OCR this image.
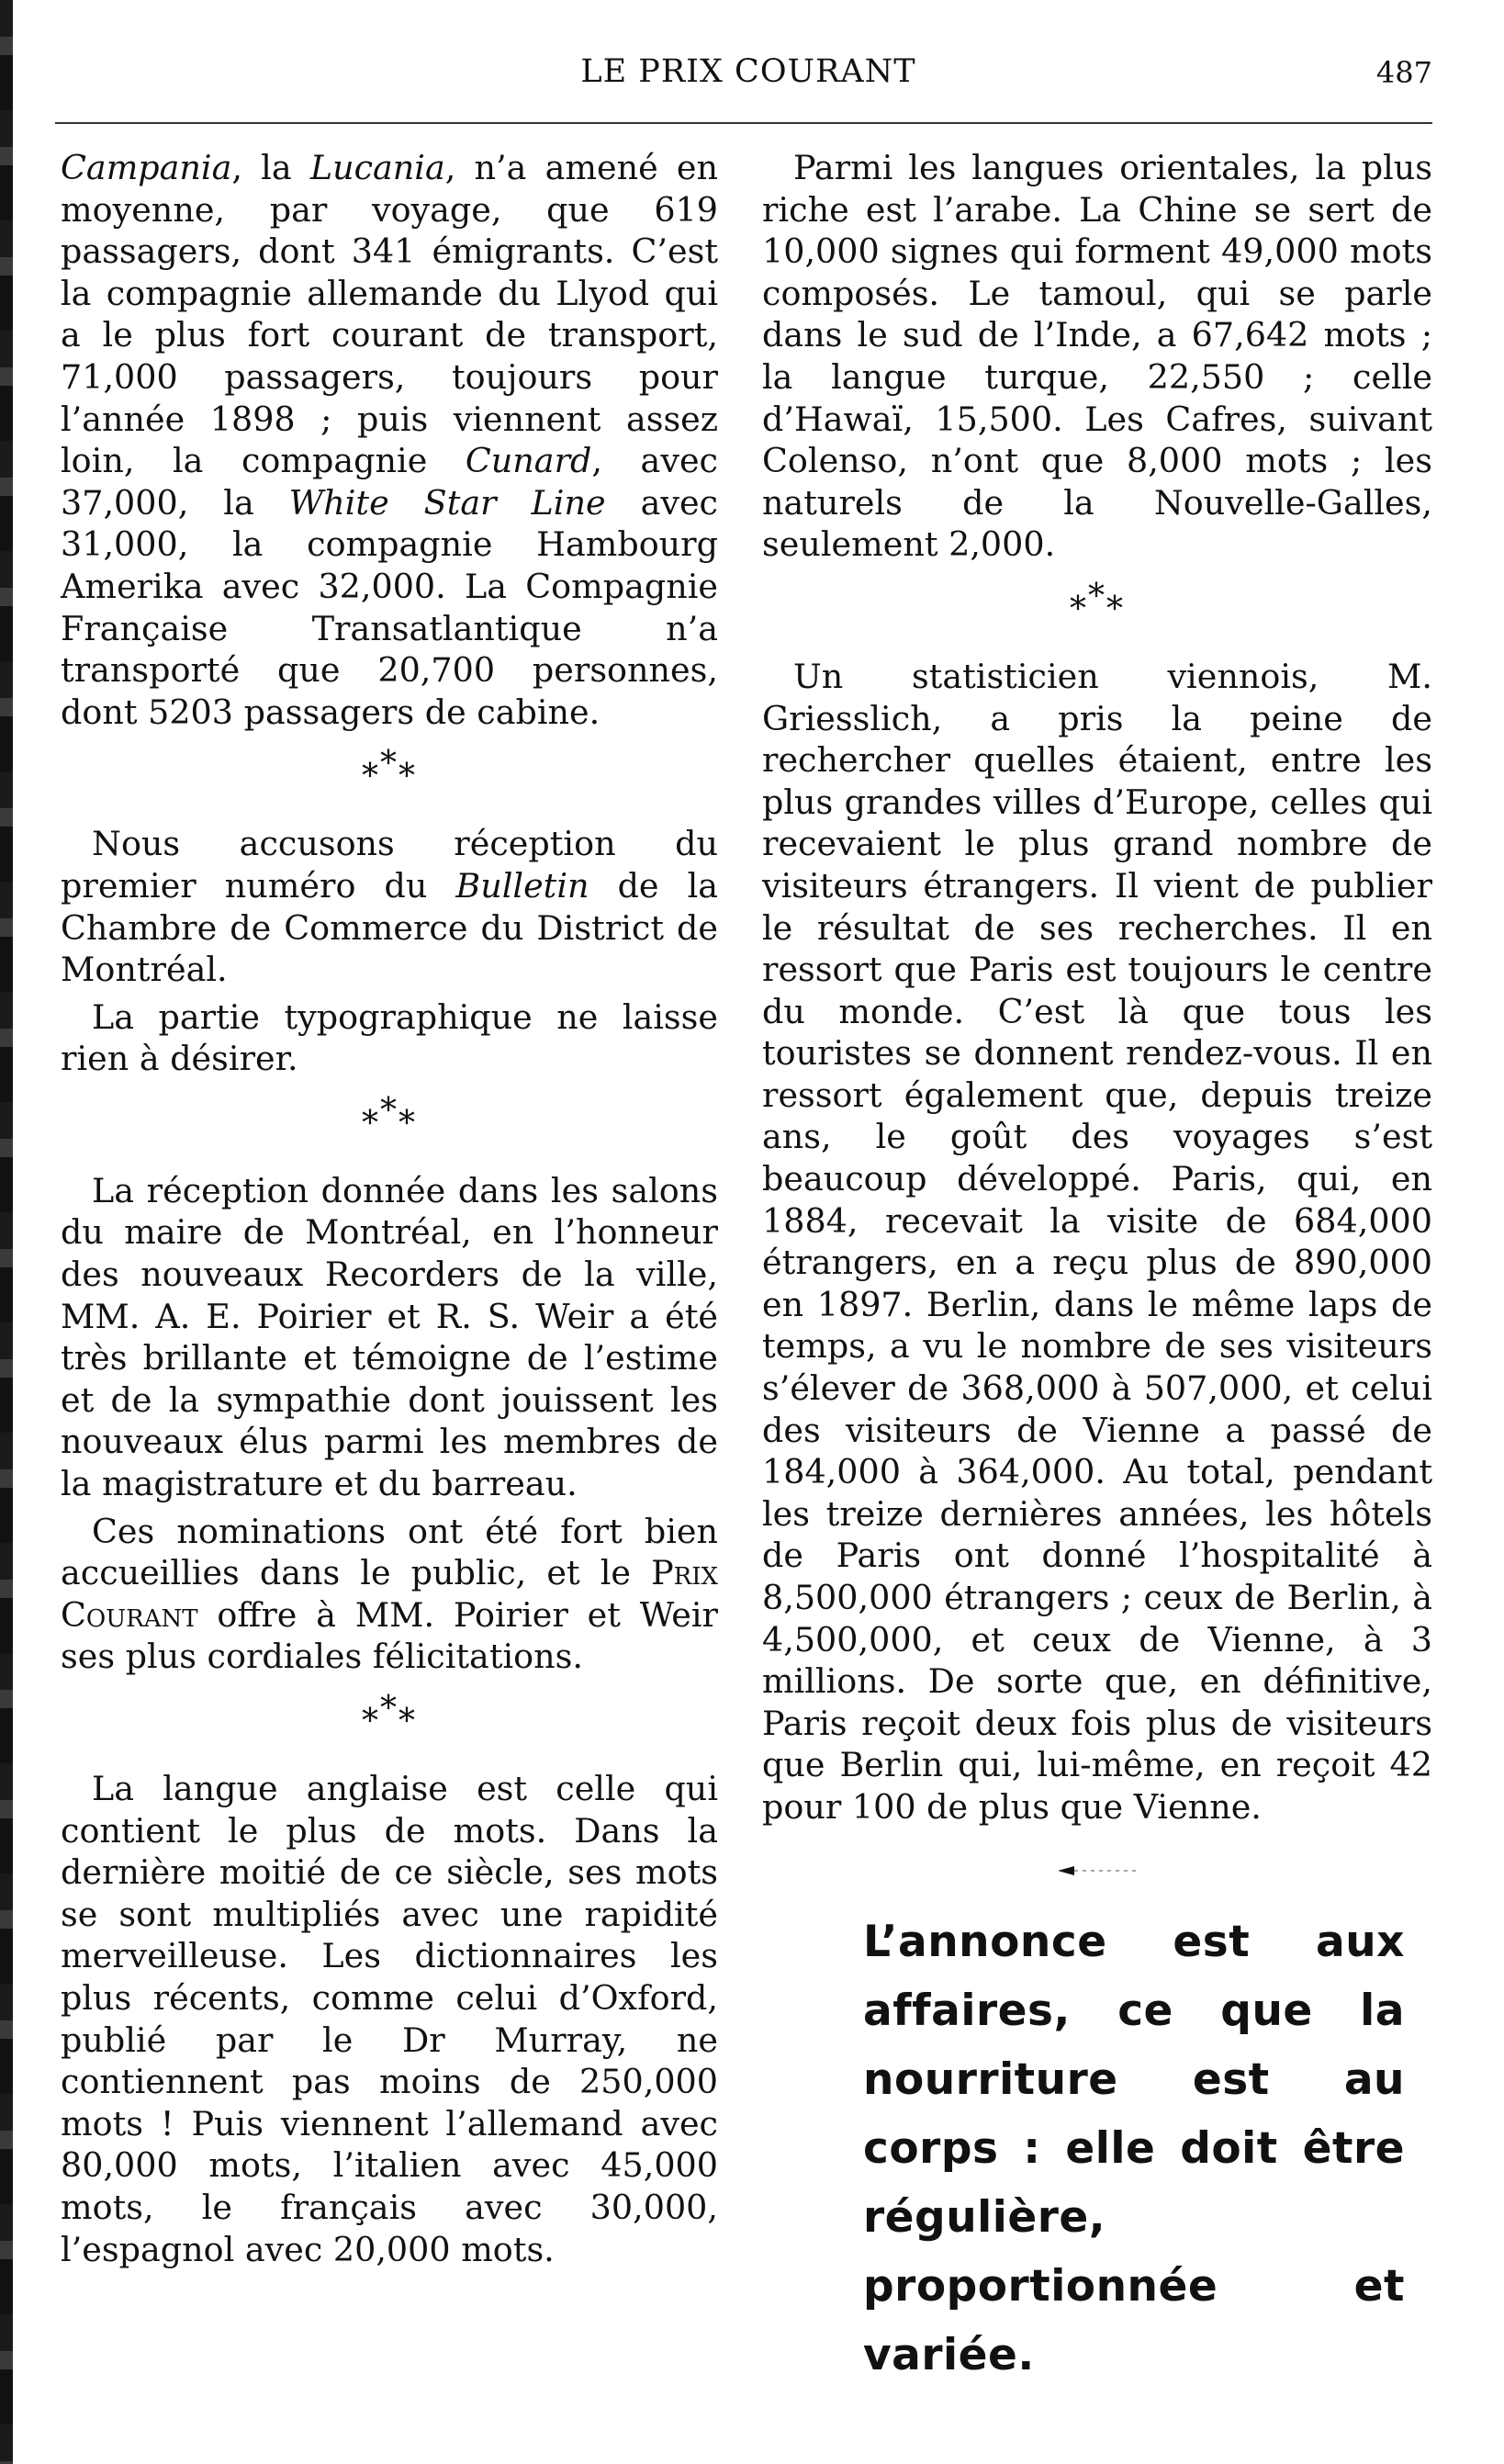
LE PRIX COURANT	487

Campania, la Lucania, n’a amené en moyenne, par voyage, que 619 passagers, dont 341 émigrants. C’est la compagnie allemande du Llyod qui a le plus fort courant de transport, 71,000 passagers, toujours pour l’année 1898 ; puis viennent assez loin, la compagnie Cunard, avec 37,000, la White Star Line avec 31,000, la compagnie Hambourg Amerika avec 32,000. La Compagnie Française Transatlantique n’a transporté que 20,700 personnes, dont 5203 passagers de cabine.

***

Nous accusons réception du premier numéro du Bulletin de la Chambre de Commerce du District de Montréal.

La partie typographique ne laisse rien à désirer.

***

La réception donnée dans les salons du maire de Montréal, en l’honneur des nouveaux Recorders de la ville, MM. A. E. Poirier et R. S. Weir a été très brillante et témoigne de l’estime et de la sympathie dont jouissent les nouveaux élus parmi les membres de la magistrature et du barreau.

Ces nominations ont été fort bien accueillies dans le public, et le Prix Courant offre à MM. Poirier et Weir ses plus cordiales félicitations.

***

La langue anglaise est celle qui contient le plus de mots. Dans la dernière moitié de ce siècle, ses mots se sont multipliés avec une rapidité merveilleuse. Les dictionnaires les plus récents, comme celui d’Oxford, publié par le Dr Murray, ne contiennent pas moins de 250,000 mots ! Puis viennent l’allemand avec 80,000 mots, l’italien avec 45,000 mots, le français avec 30,000, l’espagnol avec 20,000 mots.

Parmi les langues orientales, la plus riche est l’arabe. La Chine se sert de 10,000 signes qui forment 49,000 mots composés. Le tamoul, qui se parle dans le sud de l’Inde, a 67,642 mots ; la langue turque, 22,550 ; celle d’Hawaï, 15,500. Les Cafres, suivant Colenso, n’ont que 8,000 mots ; les naturels de la Nouvelle-Galles, seulement 2,000.

***

Un statisticien viennois, M. Griesslich, a pris la peine de rechercher quelles étaient, entre les plus grandes villes d’Europe, celles qui recevaient le plus grand nombre de visiteurs étrangers. Il vient de publier le résultat de ses recherches. Il en ressort que Paris est toujours le centre du monde. C’est là que tous les touristes se donnent rendez-vous. Il en ressort également que, depuis treize ans, le goût des voyages s’est beaucoup développé. Paris, qui, en 1884, recevait la visite de 684,000 étrangers, en a reçu plus de 890,000 en 1897. Berlin, dans le même laps de temps, a vu le nombre de ses visiteurs s’élever de 368,000 à 507,000, et celui des visiteurs de Vienne a passé de 184,000 à 364,000. Au total, pendant les treize dernières années, les hôtels de Paris ont donné l’hospitalité à 8,500,000 étrangers ; ceux de Berlin, à 4,500,000, et ceux de Vienne, à 3 millions. De sorte que, en définitive, Paris reçoit deux fois plus de visiteurs que Berlin qui, lui-même, en reçoit 42 pour 100 de plus que Vienne.

L’annonce est aux affaires, ce que la nourriture est au corps : elle doit être régulière, proportionnée et variée.
